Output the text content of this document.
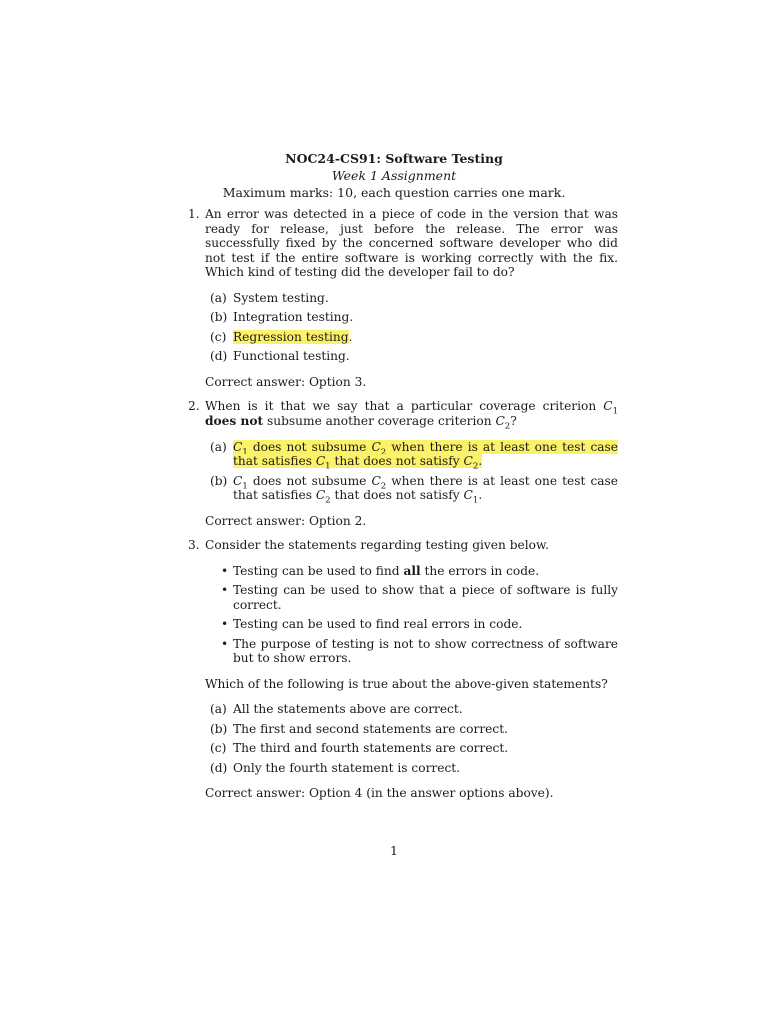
NOC24-CS91: Software Testing
Week 1 Assignment
Maximum marks: 10, each question carries one mark.
1. An error was detected in a piece of code in the version that was ready for release, just before the release. The error was successfully fixed by the concerned software developer who did not test if the entire software is working correctly with the fix. Which kind of testing did the developer fail to do?

(a) System testing.
(b) Integration testing.
(c) Regression testing.
(d) Functional testing.
Correct answer: Option 3.
2. When is it that we say that a particular coverage criterion $C_1$ does not subsume another coverage criterion $C_2$?

(a) $C_1$ does not subsume $C_2$ when there is at least one test case that satisfies $C_1$ that does not satisfy $C_2$.
(b) $C_1$ does not subsume $C_2$ when there is at least one test case that satisfies $C_2$ that does not satisfy $C_1$.
Correct answer: Option 2.
3. Consider the statements regarding testing given below.

• Testing can be used to find all the errors in code.
• Testing can be used to show that a piece of software is fully correct.
• Testing can be used to find real errors in code.
• The purpose of testing is not to show correctness of software but to show errors.
Which of the following is true about the above-given statements?
(a) All the statements above are correct.
(b) The first and second statements are correct.
(c) The third and fourth statements are correct.
(d) Only the fourth statement is correct.
Correct answer: Option 4 (in the answer options above).
1
